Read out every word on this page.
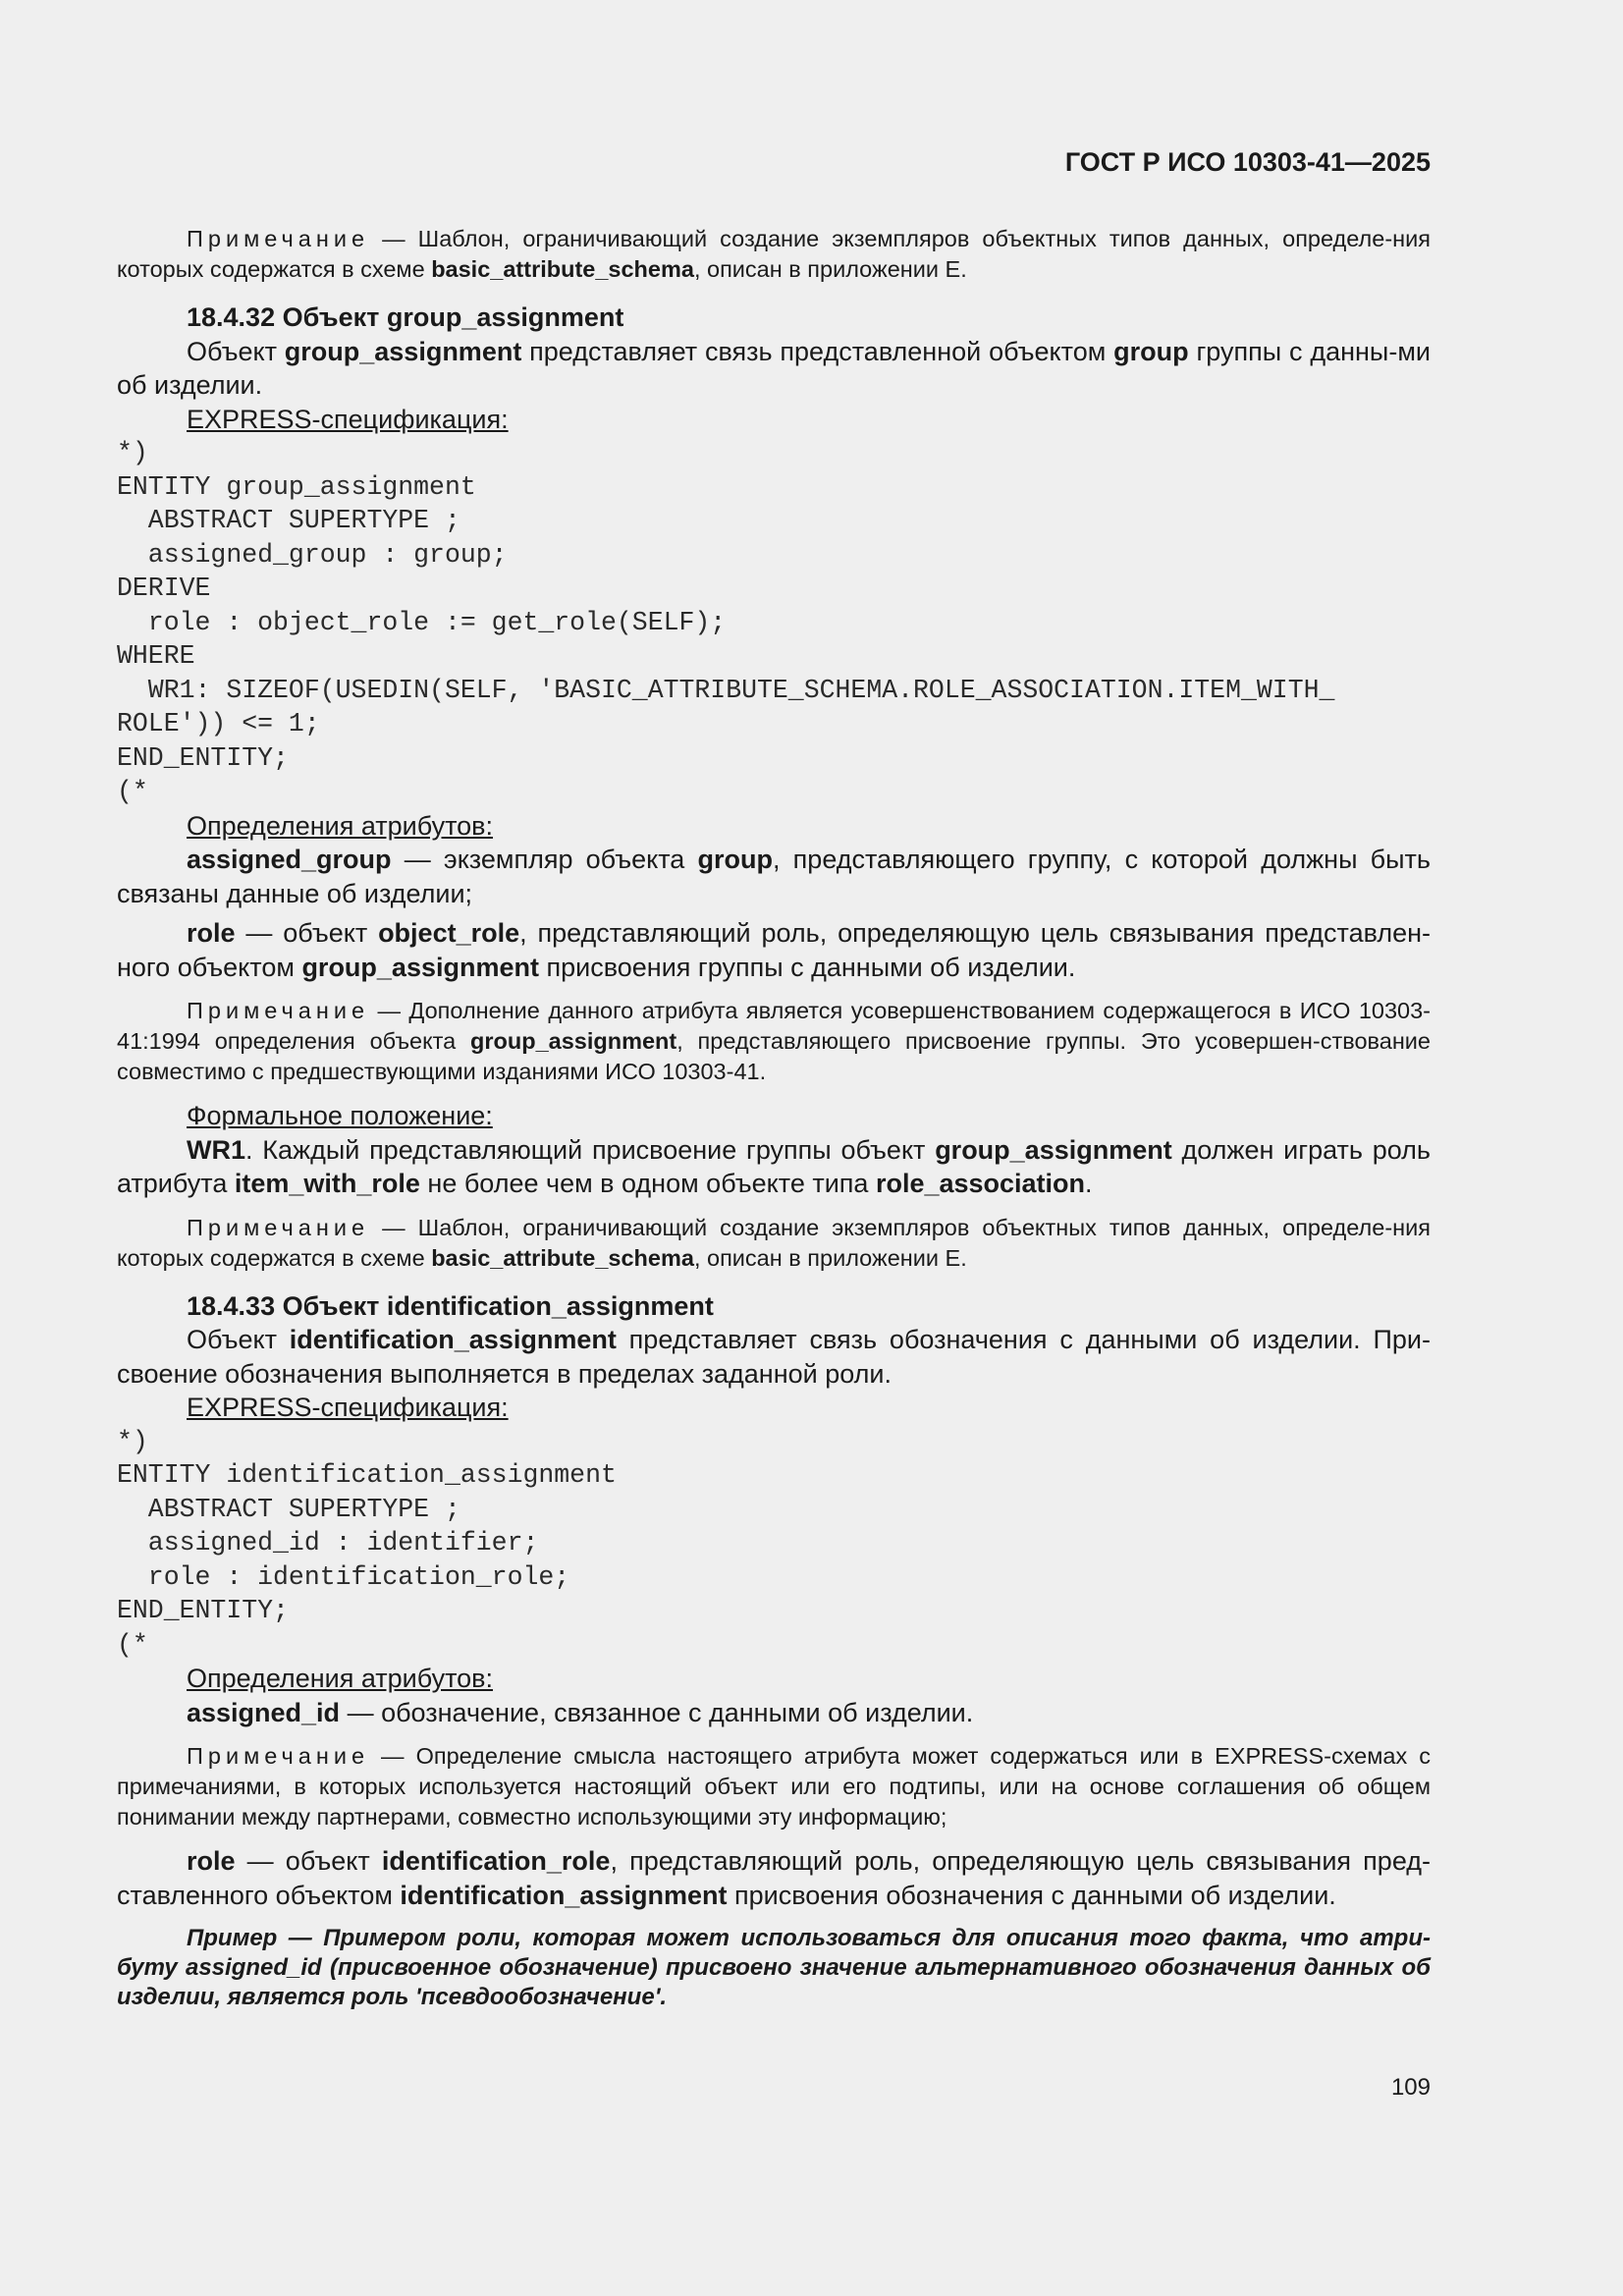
ГОСТ Р ИСО 10303-41—2025

Примечание — Шаблон, ограничивающий создание экземпляров объектных типов данных, определе-ния которых содержатся в схеме basic_attribute_schema, описан в приложении Е.

18.4.32 Объект group_assignment

Объект group_assignment представляет связь представленной объектом group группы с данны-ми об изделии.

EXPRESS-спецификация:

*)
ENTITY group_assignment
ABSTRACT SUPERTYPE ;
assigned_group : group;
DERIVE
role : object_role := get_role(SELF);
WHERE
WR1: SIZEOF(USEDIN(SELF, 'BASIC_ATTRIBUTE_SCHEMA.ROLE_ASSOCIATION.ITEM_WITH_
ROLE')) <= 1;
END_ENTITY;
(*

Определения атрибутов:

assigned_group — экземпляр объекта group, представляющего группу, с которой должны быть связаны данные об изделии;

role — объект object_role, представляющий роль, определяющую цель связывания представлен-ного объектом group_assignment присвоения группы с данными об изделии.

Примечание — Дополнение данного атрибута является усовершенствованием содержащегося в ИСО 10303-41:1994 определения объекта group_assignment, представляющего присвоение группы. Это усовершен-ствование совместимо с предшествующими изданиями ИСО 10303-41.

Формальное положение:

WR1. Каждый представляющий присвоение группы объект group_assignment должен играть роль атрибута item_with_role не более чем в одном объекте типа role_association.

Примечание — Шаблон, ограничивающий создание экземпляров объектных типов данных, определе-ния которых содержатся в схеме basic_attribute_schema, описан в приложении Е.

18.4.33 Объект identification_assignment

Объект identification_assignment представляет связь обозначения с данными об изделии. При-своение обозначения выполняется в пределах заданной роли.

EXPRESS-спецификация:

*)
ENTITY identification_assignment
ABSTRACT SUPERTYPE ;
assigned_id : identifier;
role : identification_role;
END_ENTITY;
(*

Определения атрибутов:

assigned_id — обозначение, связанное с данными об изделии.

Примечание — Определение смысла настоящего атрибута может содержаться или в EXPRESS-схемах с примечаниями, в которых используется настоящий объект или его подтипы, или на основе соглашения об общем понимании между партнерами, совместно использующими эту информацию;

role — объект identification_role, представляющий роль, определяющую цель связывания пред-ставленного объектом identification_assignment присвоения обозначения с данными об изделии.

Пример — Примером роли, которая может использоваться для описания того факта, что атри-буту assigned_id (присвоенное обозначение) присвоено значение альтернативного обозначения данных об изделии, является роль 'псевдообозначение'.

109
